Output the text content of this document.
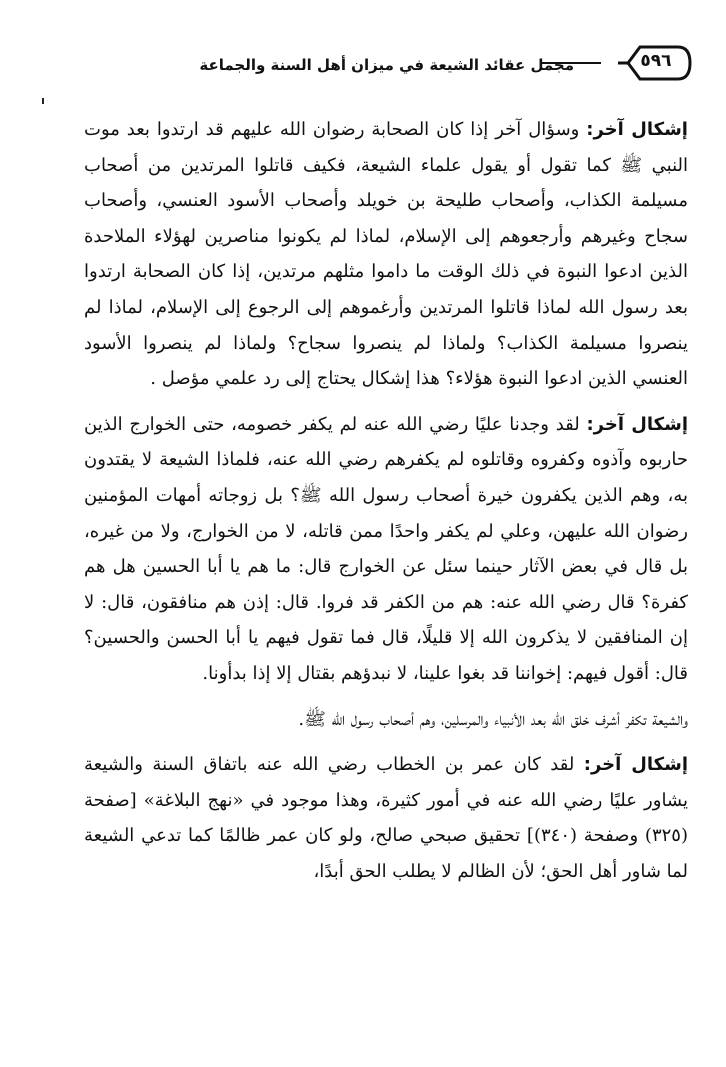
مجمل عقائد الشيعة في ميزان أهل السنة والجماعة	٥٩٦

إشكال آخر: وسؤال آخر إذا كان الصحابة رضوان الله عليهم قد ارتدوا بعد موت النبي ﷺ كما تقول أو يقول علماء الشيعة، فكيف قاتلوا المرتدين من أصحاب مسيلمة الكذاب، وأصحاب طليحة بن خويلد وأصحاب الأسود العنسي، وأصحاب سجاح وغيرهم وأرجعوهم إلى الإسلام، لماذا لم يكونوا مناصرين لهؤلاء الملاحدة الذين ادعوا النبوة في ذلك الوقت ما داموا مثلهم مرتدين، إذا كان الصحابة ارتدوا بعد رسول الله لماذا قاتلوا المرتدين وأرغموهم إلى الرجوع إلى الإسلام، لماذا لم ينصروا مسيلمة الكذاب؟ ولماذا لم ينصروا سجاح؟ ولماذا لم ينصروا الأسود العنسي الذين ادعوا النبوة هؤلاء؟ هذا إشكال يحتاج إلى رد علمي مؤصل .

إشكال آخر: لقد وجدنا عليًا رضي الله عنه لم يكفر خصومه، حتى الخوارج الذين حاربوه وآذوه وكفروه وقاتلوه لم يكفرهم رضي الله عنه، فلماذا الشيعة لا يقتدون به، وهم الذين يكفرون خيرة أصحاب رسول الله ﷺ؟ بل زوجاته أمهات المؤمنين رضوان الله عليهن، وعلي لم يكفر واحدًا ممن قاتله، لا من الخوارج، ولا من غيره، بل قال في بعض الآثار حينما سئل عن الخوارج قال: ما هم يا أبا الحسين هل هم كفرة؟ قال رضي الله عنه: هم من الكفر قد فروا. قال: إذن هم منافقون، قال: لا إن المنافقين لا يذكرون الله إلا قليلًا، قال فما تقول فيهم يا أبا الحسن والحسين؟ قال: أقول فيهم: إخواننا قد بغوا علينا، لا نبدؤهم بقتال إلا إذا بدأونا.

والشيعة تكفر أشرف خلق الله بعد الأنبياء والمرسلين، وهم أصحاب رسول الله ﷺ.

إشكال آخر: لقد كان عمر بن الخطاب رضي الله عنه باتفاق السنة والشيعة يشاور عليًا رضي الله عنه في أمور كثيرة، وهذا موجود في «نهج البلاغة» [صفحة (٣٢٥) وصفحة (٣٤٠)] تحقيق صبحي صالح، ولو كان عمر ظالمًا كما تدعي الشيعة لما شاور أهل الحق؛ لأن الظالم لا يطلب الحق أبدًا،
